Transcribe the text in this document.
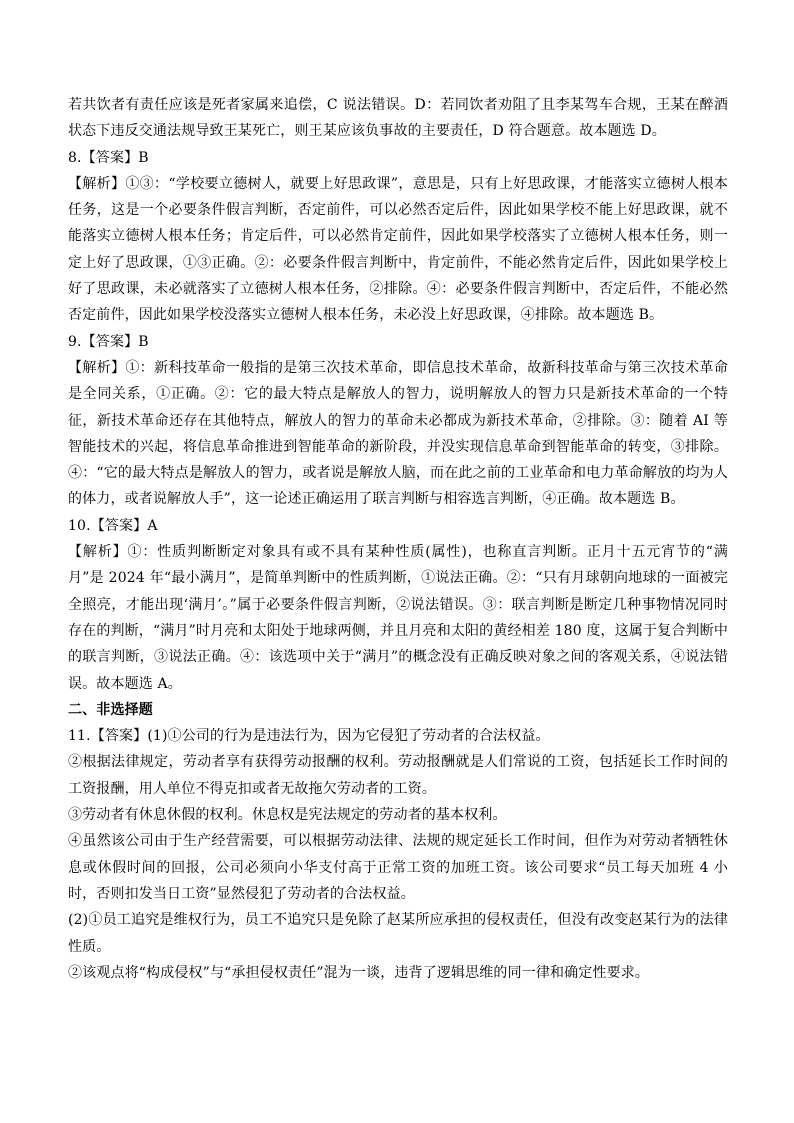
若共饮者有责任应该是死者家属来追偿，C 说法错误。D：若同饮者劝阻了且李某驾车合规，王某在醉酒状态下违反交通法规导致王某死亡，则王某应该负事故的主要责任，D 符合题意。故本题选 D。

8.【答案】B

【解析】①③：“学校要立德树人，就要上好思政课”，意思是，只有上好思政课，才能落实立德树人根本任务，这是一个必要条件假言判断，否定前件，可以必然否定后件，因此如果学校不能上好思政课，就不能落实立德树人根本任务；肯定后件，可以必然肯定前件，因此如果学校落实了立德树人根本任务，则一定上好了思政课，①③正确。②：必要条件假言判断中，肯定前件，不能必然肯定后件，因此如果学校上好了思政课，未必就落实了立德树人根本任务，②排除。④：必要条件假言判断中，否定后件，不能必然否定前件，因此如果学校没落实立德树人根本任务，未必没上好思政课，④排除。故本题选 B。

9.【答案】B

【解析】①：新科技革命一般指的是第三次技术革命，即信息技术革命，故新科技革命与第三次技术革命是全同关系，①正确。②：它的最大特点是解放人的智力，说明解放人的智力只是新技术革命的一个特征，新技术革命还存在其他特点，解放人的智力的革命未必都成为新技术革命，②排除。③：随着 AI 等智能技术的兴起，将信息革命推进到智能革命的新阶段，并没实现信息革命到智能革命的转变，③排除。④：“它的最大特点是解放人的智力，或者说是解放人脑，而在此之前的工业革命和电力革命解放的均为人的体力，或者说解放人手”，这一论述正确运用了联言判断与相容选言判断，④正确。故本题选 B。

10.【答案】A

【解析】①：性质判断断定对象具有或不具有某种性质(属性)，也称直言判断。正月十五元宵节的“满月”是 2024 年“最小满月”，是简单判断中的性质判断，①说法正确。②：“只有月球朝向地球的一面被完全照亮，才能出现‘满月’。”属于必要条件假言判断，②说法错误。③：联言判断是断定几种事物情况同时存在的判断，“满月”时月亮和太阳处于地球两侧，并且月亮和太阳的黄经相差 180 度，这属于复合判断中的联言判断，③说法正确。④：该选项中关于“满月”的概念没有正确反映对象之间的客观关系，④说法错误。故本题选 A。

二、非选择题

11.【答案】(1)①公司的行为是违法行为，因为它侵犯了劳动者的合法权益。

②根据法律规定，劳动者享有获得劳动报酬的权利。劳动报酬就是人们常说的工资，包括延长工作时间的工资报酬，用人单位不得克扣或者无故拖欠劳动者的工资。

③劳动者有休息休假的权利。休息权是宪法规定的劳动者的基本权利。

④虽然该公司由于生产经营需要，可以根据劳动法律、法规的规定延长工作时间，但作为对劳动者牺牲休息或休假时间的回报，公司必须向小华支付高于正常工资的加班工资。该公司要求“员工每天加班 4 小时，否则扣发当日工资”显然侵犯了劳动者的合法权益。

(2)①员工追究是维权行为，员工不追究只是免除了赵某所应承担的侵权责任，但没有改变赵某行为的法律性质。

②该观点将“构成侵权”与“承担侵权责任”混为一谈，违背了逻辑思维的同一律和确定性要求。
